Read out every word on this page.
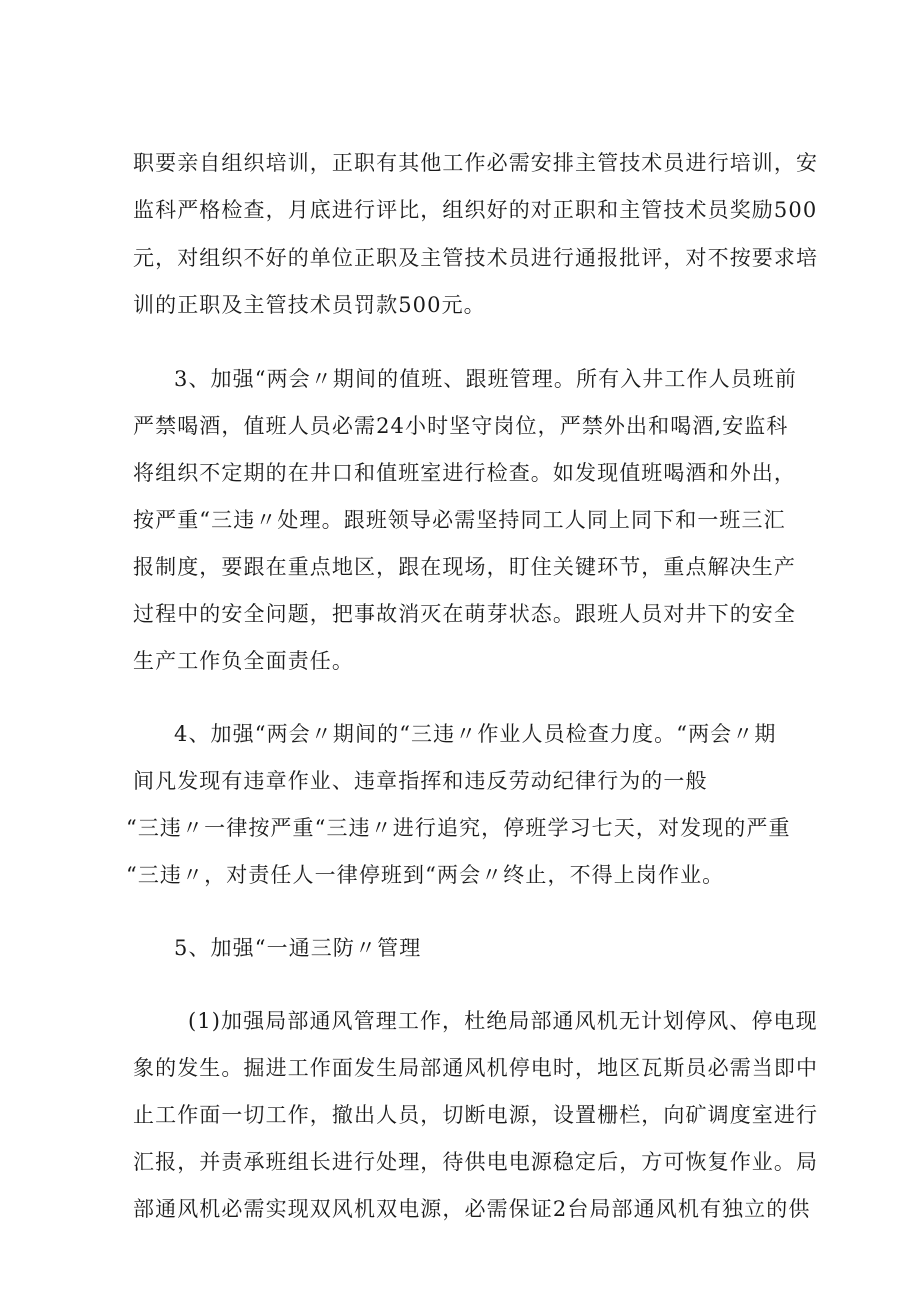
职要亲自组织培训，正职有其他工作必需安排主管技术员进行培训，安
监科严格检查，月底进行评比，组织好的对正职和主管技术员奖励500
元，对组织不好的单位正职及主管技术员进行通报批评，对不按要求培
训的正职及主管技术员罚款500元。
3、加强“两会〃期间的值班、跟班管理。所有入井工作人员班前
严禁喝酒，值班人员必需24小时坚守岗位，严禁外出和喝酒,安监科
将组织不定期的在井口和值班室进行检查。如发现值班喝酒和外出，
按严重“三违〃处理。跟班领导必需坚持同工人同上同下和一班三汇
报制度，要跟在重点地区，跟在现场，盯住关键环节，重点解决生产
过程中的安全问题，把事故消灭在萌芽状态。跟班人员对井下的安全
生产工作负全面责任。
4、加强“两会〃期间的“三违〃作业人员检查力度。“两会〃期
间凡发现有违章作业、违章指挥和违反劳动纪律行为的一般
“三违〃一律按严重“三违〃进行追究，停班学习七天，对发现的严重
“三违〃，对责任人一律停班到“两会〃终止，不得上岗作业。
5、加强“一通三防〃管理
(1)加强局部通风管理工作，杜绝局部通风机无计划停风、停电现
象的发生。掘进工作面发生局部通风机停电时，地区瓦斯员必需当即中
止工作面一切工作，撤出人员，切断电源，设置栅栏，向矿调度室进行
汇报，并责承班组长进行处理，待供电电源稳定后，方可恢复作业。局
部通风机必需实现双风机双电源，必需保证2台局部通风机有独立的供
